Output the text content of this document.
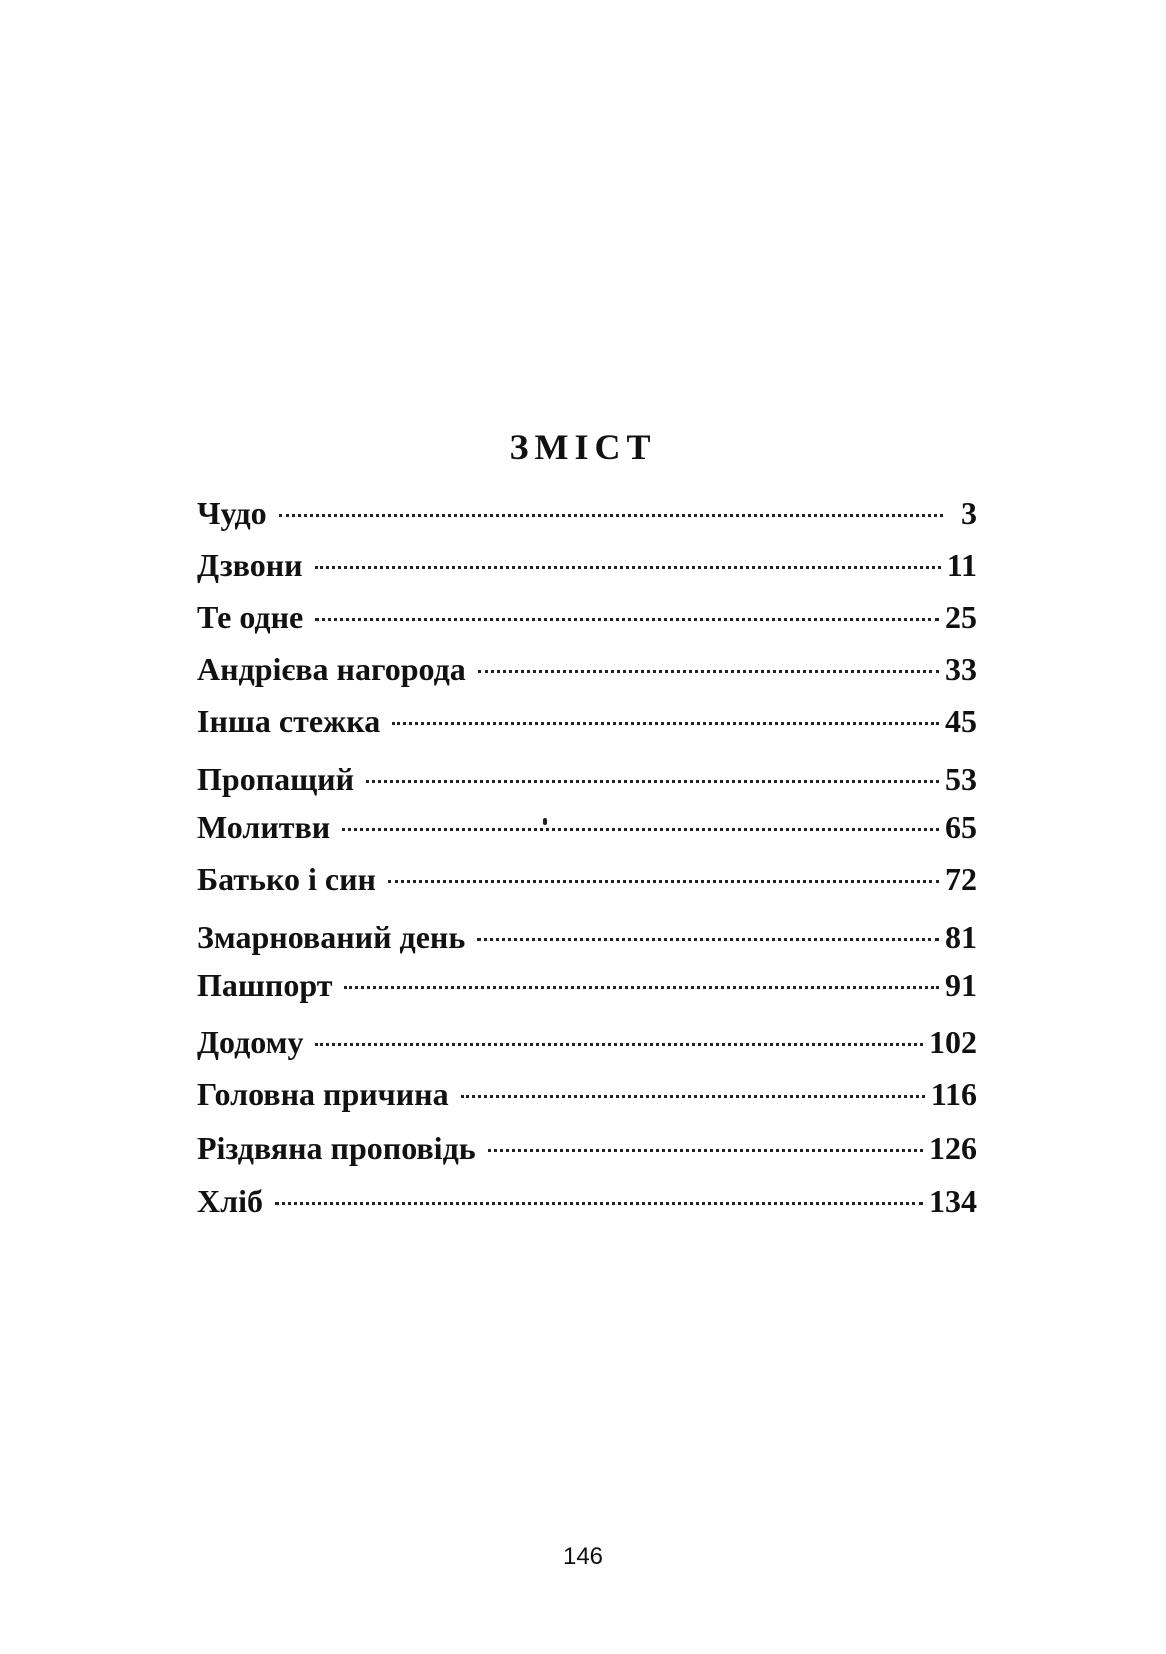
ЗМІСТ
Чудо	3
Дзвони	11
Те одне	25
Андрієва нагорода	33
Інша стежка	45
Пропащий	53
Молитви	65
Батько і син	72
Змарнований день	81
Пашпорт	91
Додому	102
Головна причина	116
Різдвяна проповідь	126
Хліб	134

146
